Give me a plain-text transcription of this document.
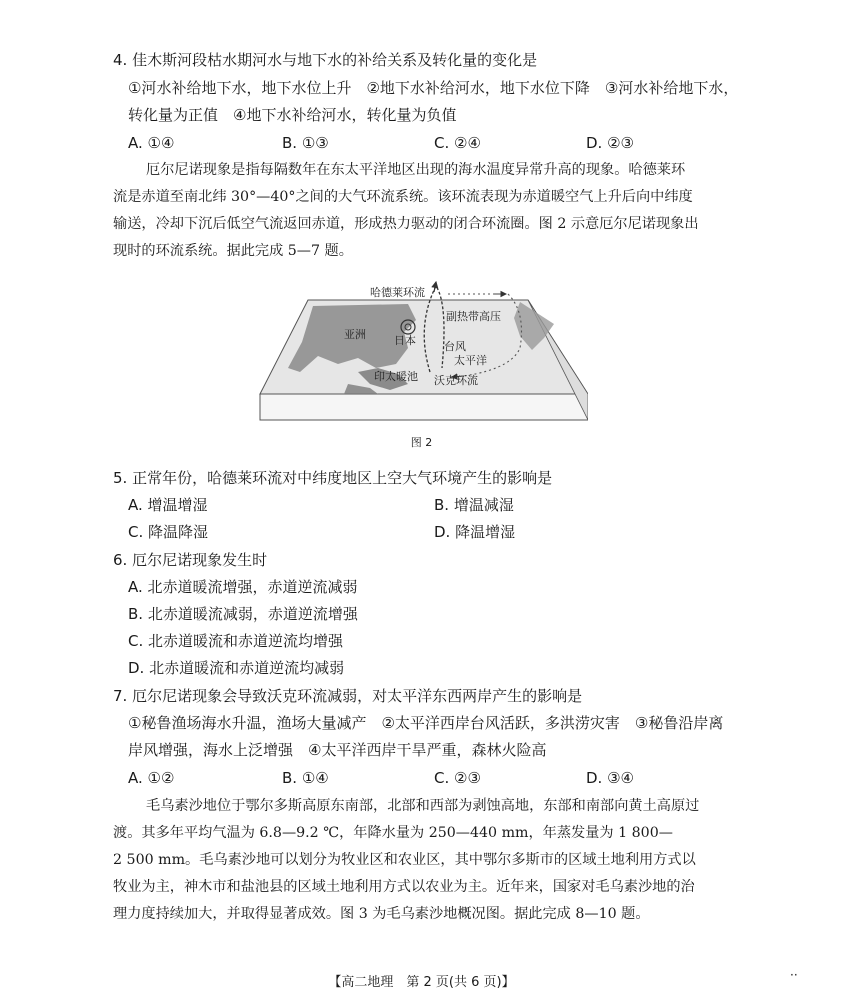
4. 佳木斯河段枯水期河水与地下水的补给关系及转化量的变化是
①河水补给地下水，地下水位上升　②地下水补给河水，地下水位下降　③河水补给地下水，
转化量为正值　④地下水补给河水，转化量为负值
A. ①④	B. ①③	C. ②④	D. ②③
厄尔尼诺现象是指每隔数年在东太平洋地区出现的海水温度异常升高的现象。哈德莱环
流是赤道至南北纬 30°—40°之间的大气环流系统。该环流表现为赤道暖空气上升后向中纬度
输送，冷却下沉后低空气流返回赤道，形成热力驱动的闭合环流圈。图 2 示意厄尔尼诺现象出
现时的环流系统。据此完成 5—7 题。
哈德莱环流
副热带高压
亚洲	日本	台风
太平洋
印太暖池 沃克环流
图 2
5. 正常年份，哈德莱环流对中纬度地区上空大气环境产生的影响是
A. 增温增湿	B. 增温减湿
C. 降温降湿	D. 降温增湿
6. 厄尔尼诺现象发生时
A. 北赤道暖流增强，赤道逆流减弱
B. 北赤道暖流减弱，赤道逆流增强
C. 北赤道暖流和赤道逆流均增强
D. 北赤道暖流和赤道逆流均减弱
7. 厄尔尼诺现象会导致沃克环流减弱，对太平洋东西两岸产生的影响是
①秘鲁渔场海水升温，渔场大量减产　②太平洋西岸台风活跃，多洪涝灾害　③秘鲁沿岸离
岸风增强，海水上泛增强　④太平洋西岸干旱严重，森林火险高
A. ①②	B. ①④	C. ②③	D. ③④
毛乌素沙地位于鄂尔多斯高原东南部，北部和西部为剥蚀高地，东部和南部向黄土高原过
渡。其多年平均气温为 6.8—9.2 ℃，年降水量为 250—440 mm，年蒸发量为 1 800—
2 500 mm。毛乌素沙地可以划分为牧业区和农业区，其中鄂尔多斯市的区域土地利用方式以
牧业为主，神木市和盐池县的区域土地利用方式以农业为主。近年来，国家对毛乌素沙地的治
理力度持续加大，并取得显著成效。图 3 为毛乌素沙地概况图。据此完成 8—10 题。
【高二地理　第 2 页(共 6 页)】	··
